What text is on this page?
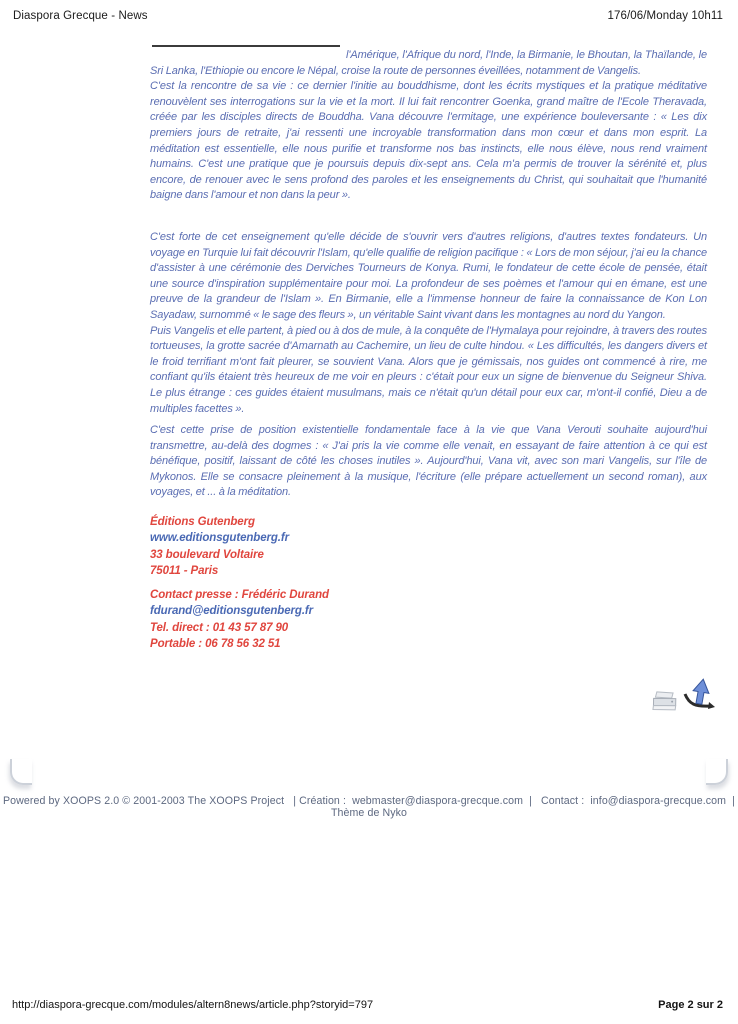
Diaspora Grecque - News	176/06/Monday 10h11

l'Amérique, l'Afrique du nord, l'Inde, la Birmanie, le Bhoutan, la Thaïlande, le Sri Lanka, l'Ethiopie ou encore le Népal, croise la route de personnes éveillées, notamment de Vangelis.

C'est la rencontre de sa vie : ce dernier l'initie au bouddhisme, dont les écrits mystiques et la pratique méditative renouvèlent ses interrogations sur la vie et la mort. Il lui fait rencontrer Goenka, grand maître de l'Ecole Theravada, créée par les disciples directs de Bouddha. Vana découvre l'ermitage, une expérience bouleversante : « Les dix premiers jours de retraite, j'ai ressenti une incroyable transformation dans mon cœur et dans mon esprit. La méditation est essentielle, elle nous purifie et transforme nos bas instincts, elle nous élève, nous rend vraiment humains. C'est une pratique que je poursuis depuis dix-sept ans. Cela m'a permis de trouver la sérénité et, plus encore, de renouer avec le sens profond des paroles et les enseignements du Christ, qui souhaitait que l'humanité baigne dans l'amour et non dans la peur ».

C'est forte de cet enseignement qu'elle décide de s'ouvrir vers d'autres religions, d'autres textes fondateurs. Un voyage en Turquie lui fait découvrir l'Islam, qu'elle qualifie de religion pacifique : « Lors de mon séjour, j'ai eu la chance d'assister à une cérémonie des Derviches Tourneurs de Konya. Rumi, le fondateur de cette école de pensée, était une source d'inspiration supplémentaire pour moi. La profondeur de ses poèmes et l'amour qui en émane, est une preuve de la grandeur de l'Islam ». En Birmanie, elle a l'immense honneur de faire la connaissance de Kon Lon Sayadaw, surnommé « le sage des fleurs », un véritable Saint vivant dans les montagnes au nord du Yangon.

Puis Vangelis et elle partent, à pied ou à dos de mule, à la conquête de l'Hymalaya pour rejoindre, à travers des routes tortueuses, la grotte sacrée d'Amarnath au Cachemire, un lieu de culte hindou. « Les difficultés, les dangers divers et le froid terrifiant m'ont fait pleurer, se souvient Vana. Alors que je gémissais, nos guides ont commencé à rire, me confiant qu'ils étaient très heureux de me voir en pleurs : c'était pour eux un signe de bienvenue du Seigneur Shiva. Le plus étrange : ces guides étaient musulmans, mais ce n'était qu'un détail pour eux car, m'ont-il confié, Dieu a de multiples facettes ».

C'est cette prise de position existentielle fondamentale face à la vie que Vana Verouti souhaite aujourd'hui transmettre, au-delà des dogmes : « J'ai pris la vie comme elle venait, en essayant de faire attention à ce qui est bénéfique, positif, laissant de côté les choses inutiles ». Aujourd'hui, Vana vit, avec son mari Vangelis, sur l'île de Mykonos. Elle se consacre pleinement à la musique, l'écriture (elle prépare actuellement un second roman), aux voyages, et ... à la méditation.

Éditions Gutenberg
www.editionsgutenberg.fr
33 boulevard Voltaire
75011 - Paris
Contact presse : Frédéric Durand
fdurand@editionsgutenberg.fr
Tel. direct : 01 43 57 87 90
Portable : 06 78 56 32 51
Powered by XOOPS 2.0 © 2001-2003 The XOOPS Project | Création : webmaster@diaspora-grecque.com | Contact : info@diaspora-grecque.com | Thème de Nyko
http://diaspora-grecque.com/modules/altern8news/article.php?storyid=797	Page 2 sur 2
